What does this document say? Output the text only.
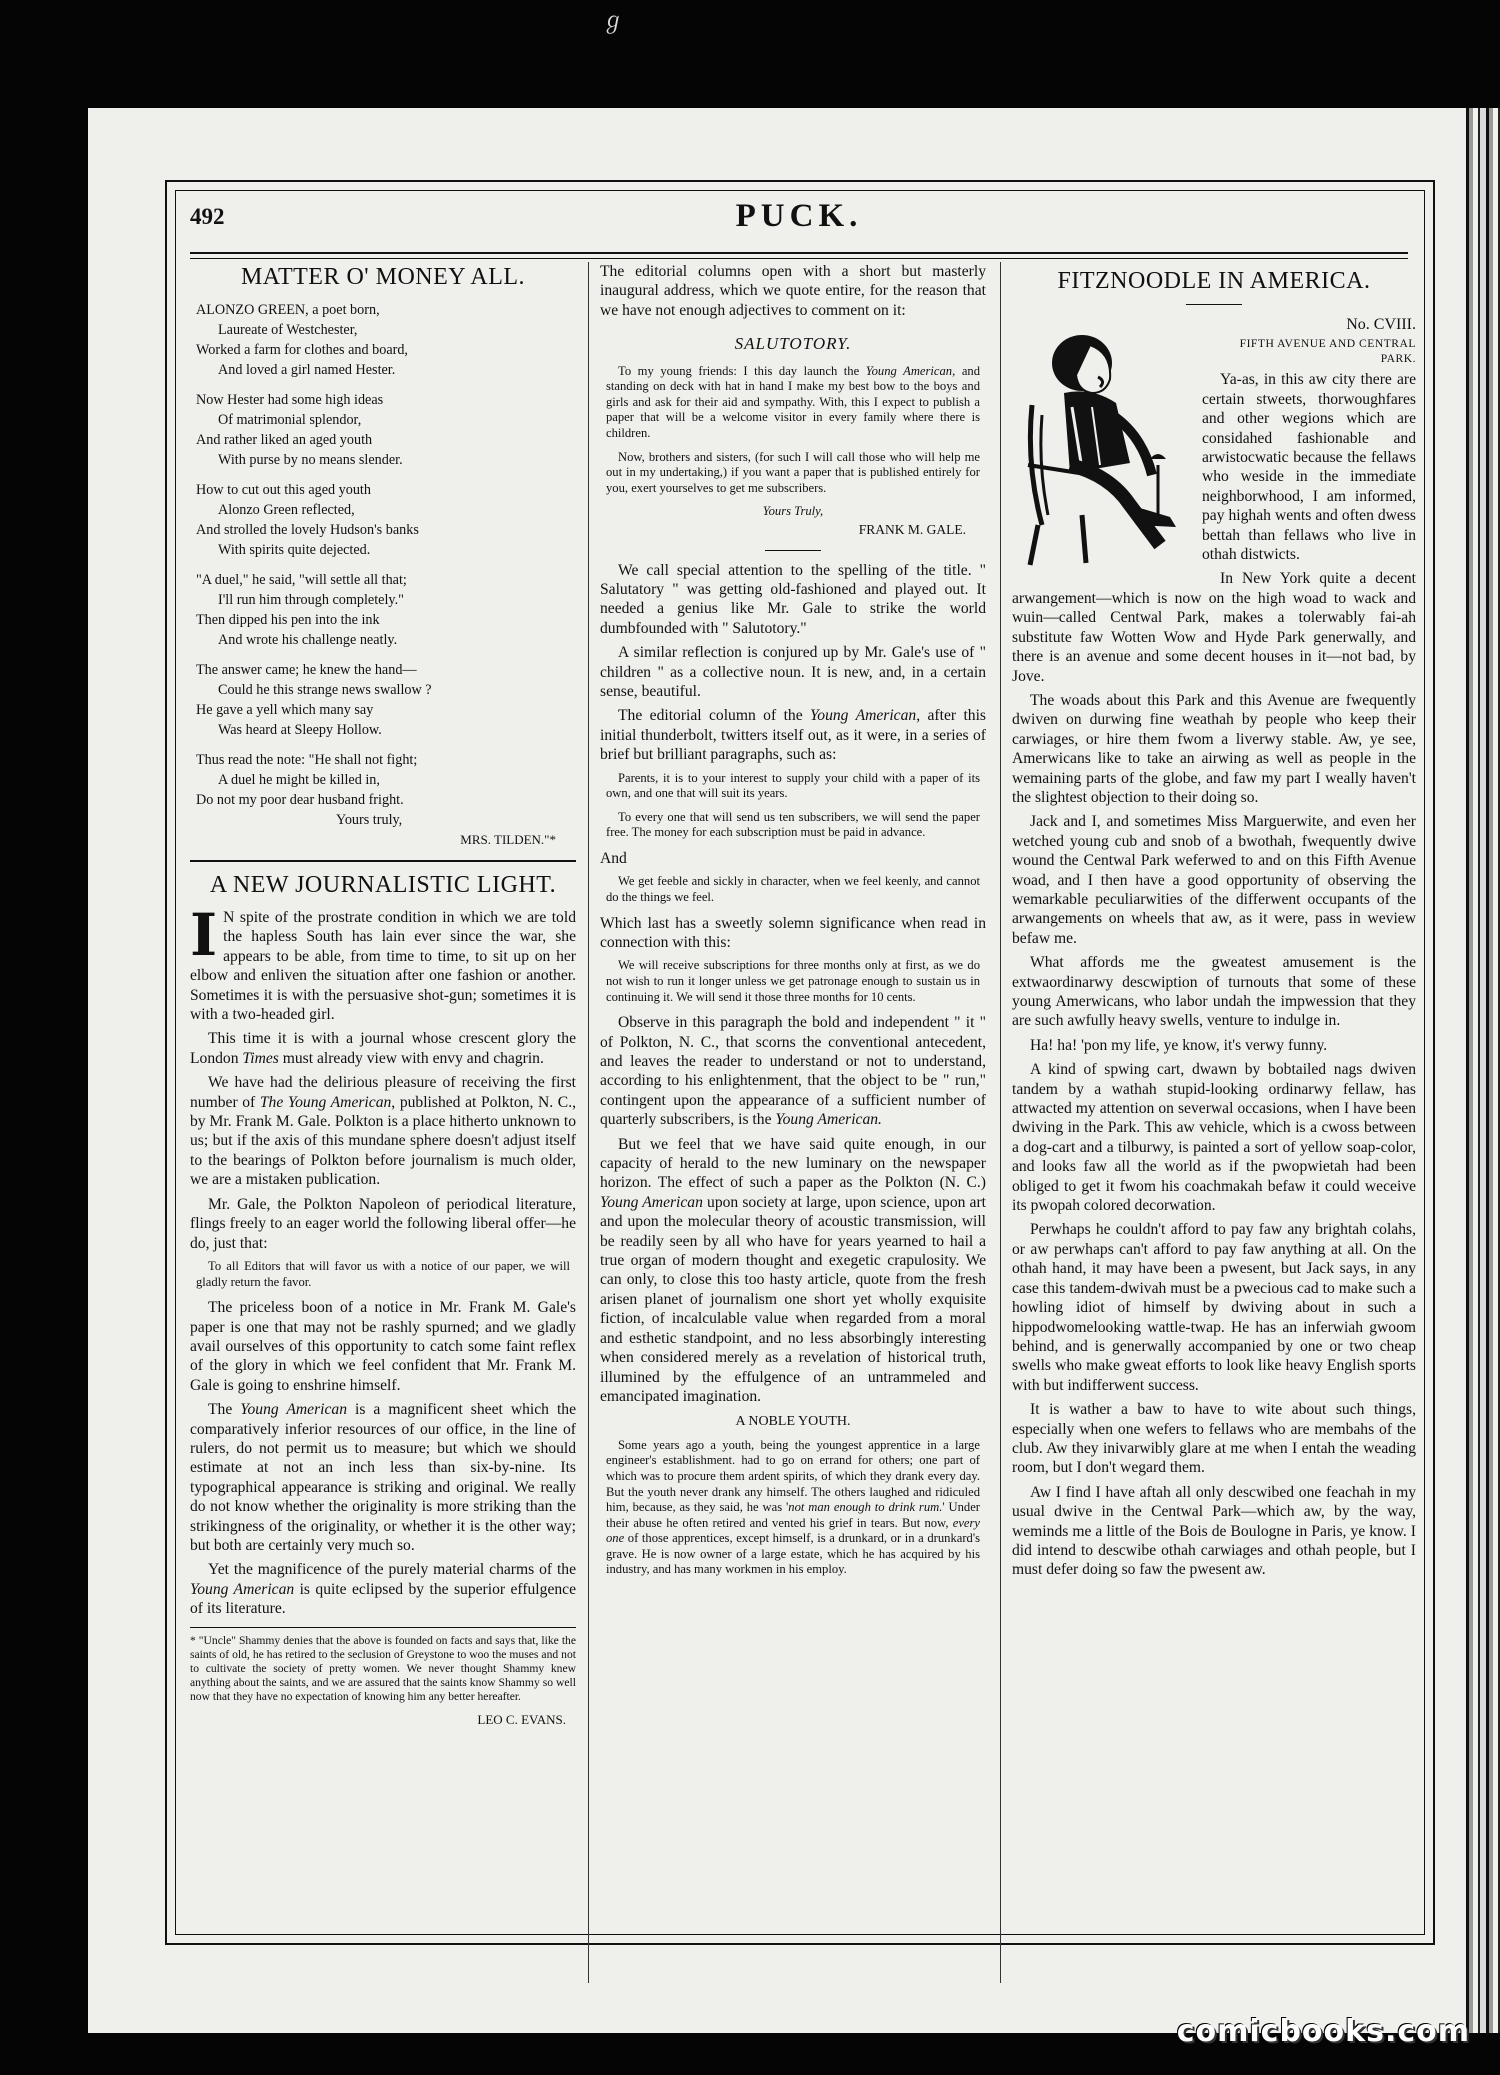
ℊ
492	PUCK.
MATTER O' MONEY ALL.
ALONZO GREEN, a poet born,
Laureate of Westchester,
Worked a farm for clothes and board,
And loved a girl named Hester.
Now Hester had some high ideas
Of matrimonial splendor,
And rather liked an aged youth
With purse by no means slender.
How to cut out this aged youth
Alonzo Green reflected,
And strolled the lovely Hudson's banks
With spirits quite dejected.
"A duel," he said, "will settle all that;
I'll run him through completely."
Then dipped his pen into the ink
And wrote his challenge neatly.
The answer came; he knew the hand—
Could he this strange news swallow ?
He gave a yell which many say
Was heard at Sleepy Hollow.
Thus read the note: "He shall not fight;
A duel he might be killed in,
Do not my poor dear husband fright.
Yours truly,
MRS. TILDEN."*
A NEW JOURNALISTIC LIGHT.

I N spite of the prostrate condition in which we are told the hapless South has lain ever since the war, she appears to be able, from time to time, to sit up on her elbow and enliven the situation after one fashion or another. Sometimes it is with the persuasive shot-gun; sometimes it is with a two-headed girl.

This time it is with a journal whose crescent glory the London Times must already view with envy and chagrin.

We have had the delirious pleasure of receiving the first number of The Young American, published at Polkton, N. C., by Mr. Frank M. Gale. Polkton is a place hitherto unknown to us; but if the axis of this mundane sphere doesn't adjust itself to the bearings of Polkton before journalism is much older, we are a mistaken publication.

Mr. Gale, the Polkton Napoleon of periodical literature, flings freely to an eager world the following liberal offer—he do, just that:

To all Editors that will favor us with a notice of our paper, we will gladly return the favor.

The priceless boon of a notice in Mr. Frank M. Gale's paper is one that may not be rashly spurned; and we gladly avail ourselves of this opportunity to catch some faint reflex of the glory in which we feel confident that Mr. Frank M. Gale is going to enshrine himself.

The Young American is a magnificent sheet which the comparatively inferior resources of our office, in the line of rulers, do not permit us to measure; but which we should estimate at not an inch less than six-by-nine. Its typographical appearance is striking and original. We really do not know whether the originality is more striking than the strikingness of the originality, or whether it is the other way; but both are certainly very much so.

Yet the magnificence of the purely material charms of the Young American is quite eclipsed by the superior effulgence of its literature.

* "Uncle" Shammy denies that the above is founded on facts and says that, like the saints of old, he has retired to the seclusion of Greystone to woo the muses and not to cultivate the society of pretty women. We never thought Shammy knew anything about the saints, and we are assured that the saints know Shammy so well now that they have no expectation of knowing him any better hereafter.
LEO C. EVANS.

The editorial columns open with a short but masterly inaugural address, which we quote entire, for the reason that we have not enough adjectives to comment on it:

SALUTOTORY.

To my young friends: I this day launch the Young American, and standing on deck with hat in hand I make my best bow to the boys and girls and ask for their aid and sympathy. With, this I expect to publish a paper that will be a welcome visitor in every family where there is children.

Now, brothers and sisters, (for such I will call those who will help me out in my undertaking,) if you want a paper that is published entirely for you, exert yourselves to get me subscribers.

Yours Truly,
FRANK M. GALE.

We call special attention to the spelling of the title. " Salutatory " was getting old-fashioned and played out. It needed a genius like Mr. Gale to strike the world dumbfounded with " Salutotory."

A similar reflection is conjured up by Mr. Gale's use of " children " as a collective noun. It is new, and, in a certain sense, beautiful.

The editorial column of the Young American, after this initial thunderbolt, twitters itself out, as it were, in a series of brief but brilliant paragraphs, such as:

Parents, it is to your interest to supply your child with a paper of its own, and one that will suit its years.

To every one that will send us ten subscribers, we will send the paper free. The money for each subscription must be paid in advance.

And

We get feeble and sickly in character, when we feel keenly, and cannot do the things we feel.

Which last has a sweetly solemn significance when read in connection with this:

We will receive subscriptions for three months only at first, as we do not wish to run it longer unless we get patronage enough to sustain us in continuing it. We will send it those three months for 10 cents.

Observe in this paragraph the bold and independent " it " of Polkton, N. C., that scorns the conventional antecedent, and leaves the reader to understand or not to understand, according to his enlightenment, that the object to be " run," contingent upon the appearance of a sufficient number of quarterly subscribers, is the Young American.

But we feel that we have said quite enough, in our capacity of herald to the new luminary on the newspaper horizon. The effect of such a paper as the Polkton (N. C.) Young American upon society at large, upon science, upon art and upon the molecular theory of acoustic transmission, will be readily seen by all who have for years yearned to hail a true organ of modern thought and exegetic crapulosity. We can only, to close this too hasty article, quote from the fresh arisen planet of journalism one short yet wholly exquisite fiction, of incalculable value when regarded from a moral and esthetic standpoint, and no less absorbingly interesting when considered merely as a revelation of historical truth, illumined by the effulgence of an untrammeled and emancipated imagination.

A NOBLE YOUTH.

Some years ago a youth, being the youngest apprentice in a large engineer's establishment. had to go on errand for others; one part of which was to procure them ardent spirits, of which they drank every day. But the youth never drank any himself. The others laughed and ridiculed him, because, as they said, he was 'not man enough to drink rum.' Under their abuse he often retired and vented his grief in tears. But now, every one of those apprentices, except himself, is a drunkard, or in a drunkard's grave. He is now owner of a large estate, which he has acquired by his industry, and has many workmen in his employ.

FITZNOODLE IN AMERICA.
No. CVIII.
FIFTH AVENUE AND CENTRAL PARK.

Ya-as, in this aw city there are certain stweets, thorwoughfares and other wegions which are considahed fashionable and arwistocwatic because the fellaws who weside in the immediate neighborwhood, I am informed, pay highah wents and often dwess bettah than fellaws who live in othah distwicts.

In New York quite a decent arwangement—which is now on the high woad to wack and wuin—called Centwal Park, makes a tolerwably fai-ah substitute faw Wotten Wow and Hyde Park generwally, and there is an avenue and some decent houses in it—not bad, by Jove.

The woads about this Park and this Avenue are fwequently dwiven on durwing fine weathah by people who keep their carwiages, or hire them fwom a liverwy stable. Aw, ye see, Amerwicans like to take an airwing as well as people in the wemaining parts of the globe, and faw my part I weally haven't the slightest objection to their doing so.

Jack and I, and sometimes Miss Marguerwite, and even her wetched young cub and snob of a bwothah, fwequently dwive wound the Centwal Park weferwed to and on this Fifth Avenue woad, and I then have a good opportunity of observing the wemarkable peculiarwities of the differwent occupants of the arwangements on wheels that aw, as it were, pass in weview befaw me.

What affords me the gweatest amusement is the extwaordinarwy descwiption of turnouts that some of these young Amerwicans, who labor undah the impwession that they are such awfully heavy swells, venture to indulge in.

Ha! ha! 'pon my life, ye know, it's verwy funny.

A kind of spwing cart, dwawn by bobtailed nags dwiven tandem by a wathah stupid-looking ordinarwy fellaw, has attwacted my attention on severwal occasions, when I have been dwiving in the Park. This aw vehicle, which is a cwoss between a dog-cart and a tilburwy, is painted a sort of yellow soap-color, and looks faw all the world as if the pwopwietah had been obliged to get it fwom his coachmakah befaw it could weceive its pwopah colored decorwation.

Perwhaps he couldn't afford to pay faw any brightah colahs, or aw perwhaps can't afford to pay faw anything at all. On the othah hand, it may have been a pwesent, but Jack says, in any case this tandem-dwivah must be a pwecious cad to make such a howling idiot of himself by dwiving about in such a hippodwomelooking wattle-twap. He has an inferwiah gwoom behind, and is generwally accompanied by one or two cheap swells who make gweat efforts to look like heavy English sports with but indifferwent success.

It is wather a baw to have to wite about such things, especially when one wefers to fellaws who are membahs of the club. Aw they inivarwibly glare at me when I entah the weading room, but I don't wegard them.

Aw I find I have aftah all only descwibed one feachah in my usual dwive in the Centwal Park—which aw, by the way, weminds me a little of the Bois de Boulogne in Paris, ye know. I did intend to descwibe othah carwiages and othah people, but I must defer doing so faw the pwesent aw.

comicbooks.com
